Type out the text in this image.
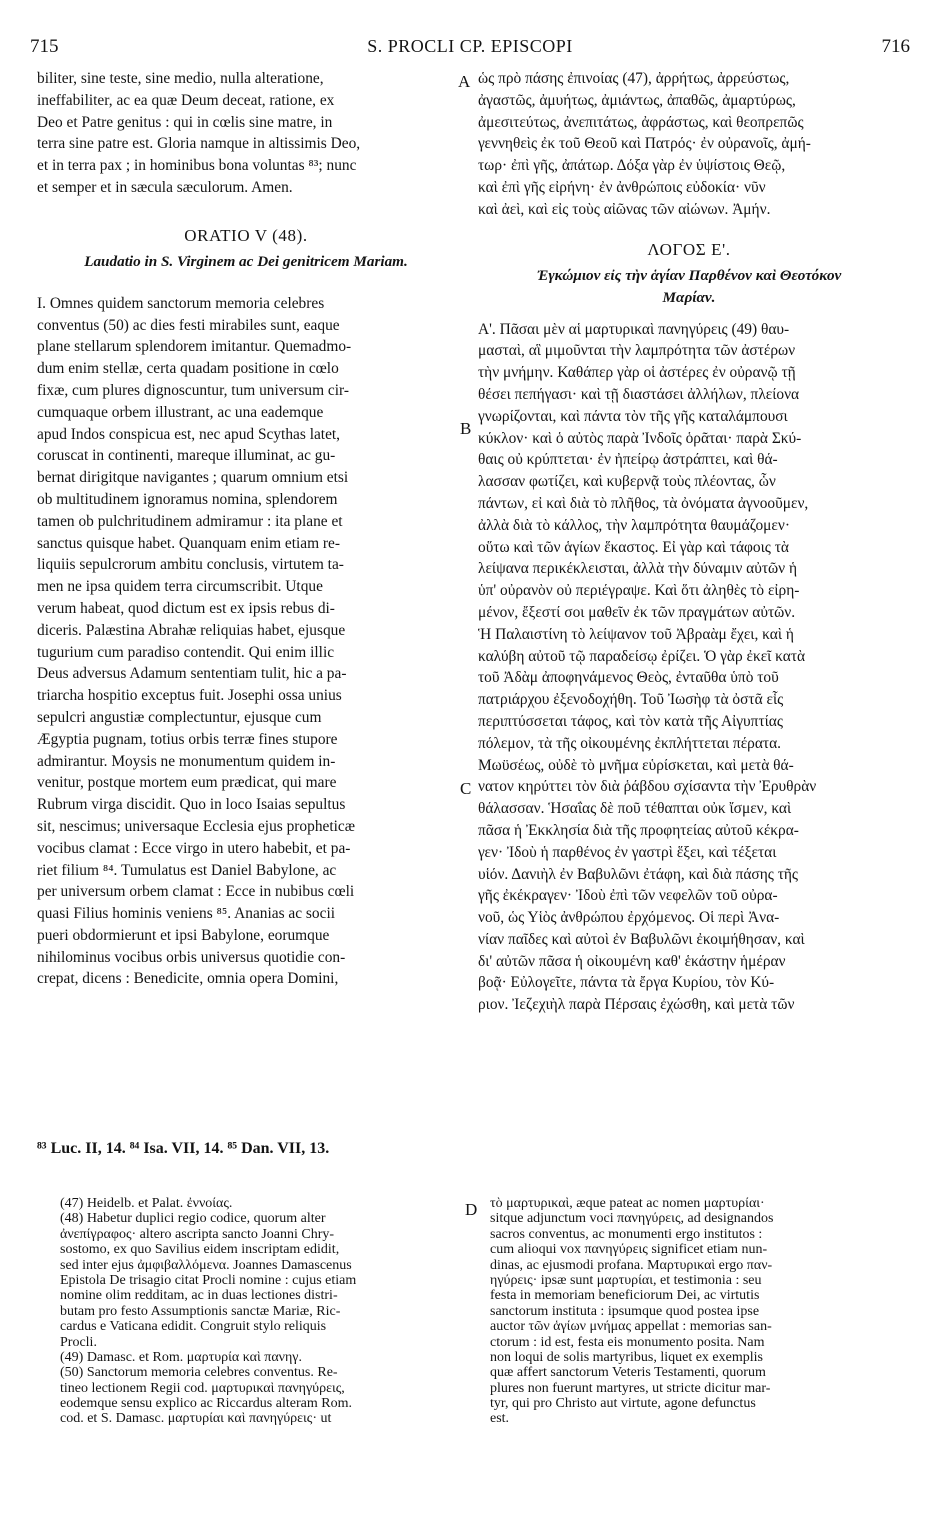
715	S. PROCLI CP. EPISCOPI	716
biliter, sine teste, sine medio, nulla alteratione,
ineffabiliter, ac ea quæ Deum deceat, ratione, ex
Deo et Patre genitus : qui in cœlis sine matre, in
terra sine patre est. Gloria namque in altissimis Deo,
et in terra pax ; in hominibus bona voluntas ⁸³; nunc
et semper et in sæcula sæculorum. Amen.
ORATIO V (48).
Laudatio in S. Virginem ac Dei genitricem Mariam.
I. Omnes quidem sanctorum memoria celebres
conventus (50) ac dies festi mirabiles sunt, eaque
plane stellarum splendorem imitantur. Quemadmo-
dum enim stellæ, certa quadam positione in cœlo
fixæ, cum plures dignoscuntur, tum universum cir-
cumquaque orbem illustrant, ac una eademque
apud Indos conspicua est, nec apud Scythas latet,
coruscat in continenti, mareque illuminat, ac gu-
bernat dirigitque navigantes ; quarum omnium etsi
ob multitudinem ignoramus nomina, splendorem
tamen ob pulchritudinem admiramur : ita plane et
sanctus quisque habet. Quanquam enim etiam re-
liquiis sepulcrorum ambitu conclusis, virtutem ta-
men ne ipsa quidem terra circumscribit. Utque
verum habeat, quod dictum est ex ipsis rebus di-
diceris. Palæstina Abrahæ reliquias habet, ejusque
tugurium cum paradiso contendit. Qui enim illic
Deus adversus Adamum sententiam tulit, hic a pa-
triarcha hospitio exceptus fuit. Josephi ossa unius
sepulcri angustiæ complectuntur, ejusque cum
Ægyptia pugnam, totius orbis terræ fines stupore
admirantur. Moysis ne monumentum quidem in-
venitur, postque mortem eum prædicat, qui mare
Rubrum virga discidit. Quo in loco Isaias sepultus
sit, nescimus; universaque Ecclesia ejus propheticæ
vocibus clamat : Ecce virgo in utero habebit, et pa-
riet filium ⁸⁴. Tumulatus est Daniel Babylone, ac
per universum orbem clamat : Ecce in nubibus cœli
quasi Filius hominis veniens ⁸⁵. Ananias ac socii
pueri obdormierunt et ipsi Babylone, eorumque
nihilominus vocibus orbis universus quotidie con-
crepat, dicens : Benedicite, omnia opera Domini,
ὡς πρὸ πάσης ἐπινοίας (47), ἀρρήτως, ἀρρεύστως,
ἀγαστῶς, ἀμυήτως, ἀμιάντως, ἀπαθῶς, ἀμαρτύρως,
ἀμεσιτεύτως, ἀνεπιτάτως, ἀφράστως, καὶ θεοπρεπῶς
γεννηθεὶς ἐκ τοῦ Θεοῦ καὶ Πατρός· ἐν οὐρανοῖς, ἀμή-
τωρ· ἐπὶ γῆς, ἀπάτωρ. Δόξα γὰρ ἐν ὑψίστοις Θεῷ,
καὶ ἐπὶ γῆς εἰρήνη· ἐν ἀνθρώποις εὐδοκία· νῦν
καὶ ἀεὶ, καὶ εἰς τοὺς αἰῶνας τῶν αἰώνων. Ἀμήν.
ΛΟΓΟΣ Ε'.
Ἐγκώμιον εἰς τὴν ἁγίαν Παρθένον καὶ Θεοτόκον
Μαρίαν.
Α'. Πᾶσαι μὲν αἱ μαρτυρικαὶ πανηγύρεις (49) θαυ-
μασταὶ, αἳ μιμοῦνται τὴν λαμπρότητα τῶν ἀστέρων
τὴν μνήμην. Καθάπερ γὰρ οἱ ἀστέρες ἐν οὐρανῷ τῇ
θέσει πεπήγασι· καὶ τῇ διαστάσει ἀλλήλων, πλείονα
γνωρίζονται, καὶ πάντα τὸν τῆς γῆς καταλάμπουσι
κύκλον· καὶ ὁ αὐτὸς παρὰ Ἰνδοῖς ὁρᾶται· παρὰ Σκύ-
θαις οὐ κρύπτεται· ἐν ἠπείρῳ ἀστράπτει, καὶ θά-
λασσαν φωτίζει, καὶ κυβερνᾷ τοὺς πλέοντας, ὧν
πάντων, εἰ καὶ διὰ τὸ πλῆθος, τὰ ὀνόματα ἀγνοοῦμεν,
ἀλλὰ διὰ τὸ κάλλος, τὴν λαμπρότητα θαυμάζομεν·
οὕτω καὶ τῶν ἁγίων ἕκαστος. Εἰ γὰρ καὶ τάφοις τὰ
λείψανα περικέκλεισται, ἀλλὰ τὴν δύναμιν αὐτῶν ἡ
ὑπ' οὐρανὸν οὐ περιέγραψε. Καὶ ὅτι ἀληθὲς τὸ εἰρη-
μένον, ἔξεστί σοι μαθεῖν ἐκ τῶν πραγμάτων αὐτῶν.
Ἡ Παλαιστίνη τὸ λείψανον τοῦ Ἀβραὰμ ἔχει, καὶ ἡ
καλύβη αὐτοῦ τῷ παραδείσῳ ἐρίζει. Ὁ γὰρ ἐκεῖ κατὰ
τοῦ Ἀδὰμ ἀποφηνάμενος Θεὸς, ἐνταῦθα ὑπὸ τοῦ
πατριάρχου ἐξενοδοχήθη. Τοῦ Ἰωσὴφ τὰ ὀστᾶ εἷς
περιπτύσσεται τάφος, καὶ τὸν κατὰ τῆς Αἰγυπτίας
πόλεμον, τὰ τῆς οἰκουμένης ἐκπλήττεται πέρατα.
Μωϋσέως, οὐδὲ τὸ μνῆμα εὑρίσκεται, καὶ μετὰ θά-
νατον κηρύττει τὸν διὰ ῥάβδου σχίσαντα τὴν Ἐρυθρὰν
θάλασσαν. Ἡσαΐας δὲ ποῦ τέθαπται οὐκ ἴσμεν, καὶ
πᾶσα ἡ Ἐκκλησία διὰ τῆς προφητείας αὐτοῦ κέκρα-
γεν· Ἰδοὺ ἡ παρθένος ἐν γαστρὶ ἕξει, καὶ τέξεται
υἱόν. Δανιὴλ ἐν Βαβυλῶνι ἐτάφη, καὶ διὰ πάσης τῆς
γῆς ἐκέκραγεν· Ἰδοὺ ἐπὶ τῶν νεφελῶν τοῦ οὐρα-
νοῦ, ὡς Υἱὸς ἀνθρώπου ἐρχόμενος. Οἱ περὶ Ἀνα-
νίαν παῖδες καὶ αὐτοὶ ἐν Βαβυλῶνι ἐκοιμήθησαν, καὶ
δι' αὐτῶν πᾶσα ἡ οἰκουμένη καθ' ἑκάστην ἡμέραν
βοᾷ· Εὐλογεῖτε, πάντα τὰ ἔργα Κυρίου, τὸν Κύ-
ριον. Ἰεζεχιὴλ παρὰ Πέρσαις ἐχώσθη, καὶ μετὰ τῶν
A
B
C
D
⁸³ Luc. II, 14. ⁸⁴ Isa. VII, 14. ⁸⁵ Dan. VII, 13.
(47) Heidelb. et Palat. ἐννοίας.
(48) Habetur duplici regio codice, quorum alter
ἀνεπίγραφος· altero ascripta sancto Joanni Chry-
sostomo, ex quo Savilius eidem inscriptam edidit,
sed inter ejus ἀμφιβαλλόμενα. Joannes Damascenus
Epistola De trisagio citat Procli nomine : cujus etiam
nomine olim redditam, ac in duas lectiones distri-
butam pro festo Assumptionis sanctæ Mariæ, Ric-
cardus e Vaticana edidit. Congruit stylo reliquis
Procli.
(49) Damasc. et Rom. μαρτυρία καὶ πανηγ.
(50) Sanctorum memoria celebres conventus. Re-
tineo lectionem Regii cod. μαρτυρικαὶ πανηγύρεις,
eodemque sensu explico ac Riccardus alteram Rom.
cod. et S. Damasc. μαρτυρίαι καὶ πανηγύρεις· ut
τὸ μαρτυρικαὶ, æque pateat ac nomen μαρτυρίαι·
sitque adjunctum voci πανηγύρεις, ad designandos
sacros conventus, ac monumenti ergo institutos :
cum alioqui vox πανηγύρεις significet etiam nun-
dinas, ac ejusmodi profana. Μαρτυρικαὶ ergo παν-
ηγύρεις· ipsæ sunt μαρτυρίαι, et testimonia : seu
festa in memoriam beneficiorum Dei, ac virtutis
sanctorum instituta : ipsumque quod postea ipse
auctor τῶν ἁγίων μνήμας appellat : memorias san-
ctorum : id est, festa eis monumento posita. Nam
non loqui de solis martyribus, liquet ex exemplis
quæ affert sanctorum Veteris Testamenti, quorum
plures non fuerunt martyres, ut stricte dicitur mar-
tyr, qui pro Christo aut virtute, agone defunctus
est.
